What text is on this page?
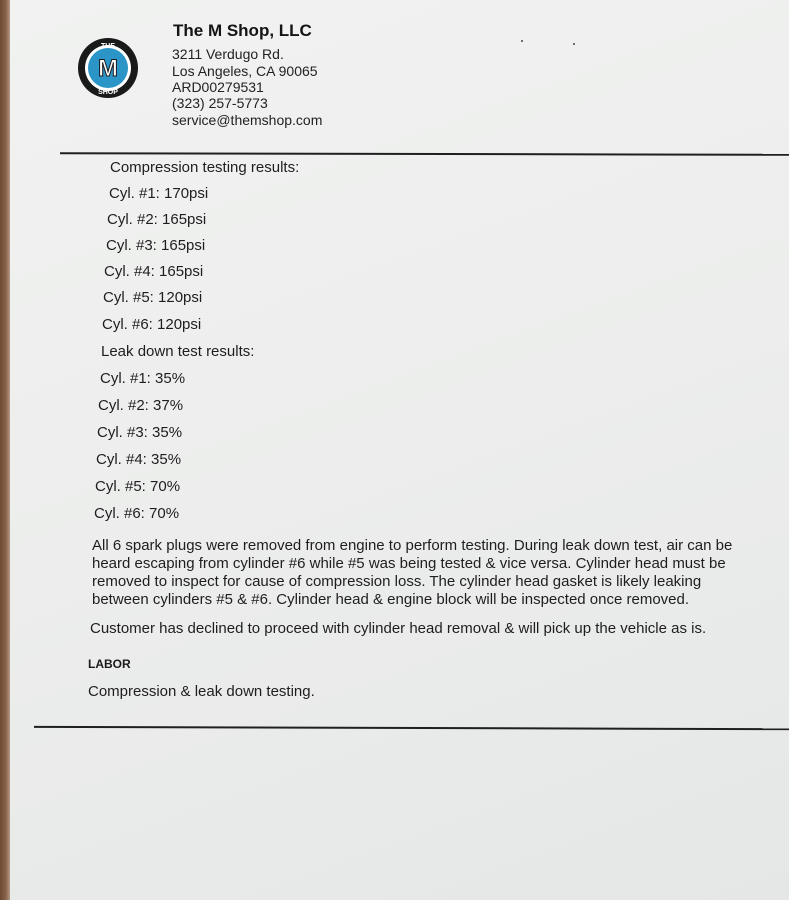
M
THE
SHOP
The M Shop, LLC
3211 Verdugo Rd.
Los Angeles, CA 90065
ARD00279531
(323) 257-5773
service@themshop.com
Compression testing results:
Cyl. #1: 170psi
Cyl. #2: 165psi
Cyl. #3: 165psi
Cyl. #4: 165psi
Cyl. #5: 120psi
Cyl. #6: 120psi
Leak down test results:
Cyl. #1: 35%
Cyl. #2: 37%
Cyl. #3: 35%
Cyl. #4: 35%
Cyl. #5: 70%
Cyl. #6: 70%
All 6 spark plugs were removed from engine to perform testing. During leak down test, air can be
heard escaping from cylinder #6 while #5 was being tested & vice versa. Cylinder head must be
removed to inspect for cause of compression loss. The cylinder head gasket is likely leaking
between cylinders #5 & #6. Cylinder head & engine block will be inspected once removed.
Customer has declined to proceed with cylinder head removal & will pick up the vehicle as is.
LABOR
Compression & leak down testing.
